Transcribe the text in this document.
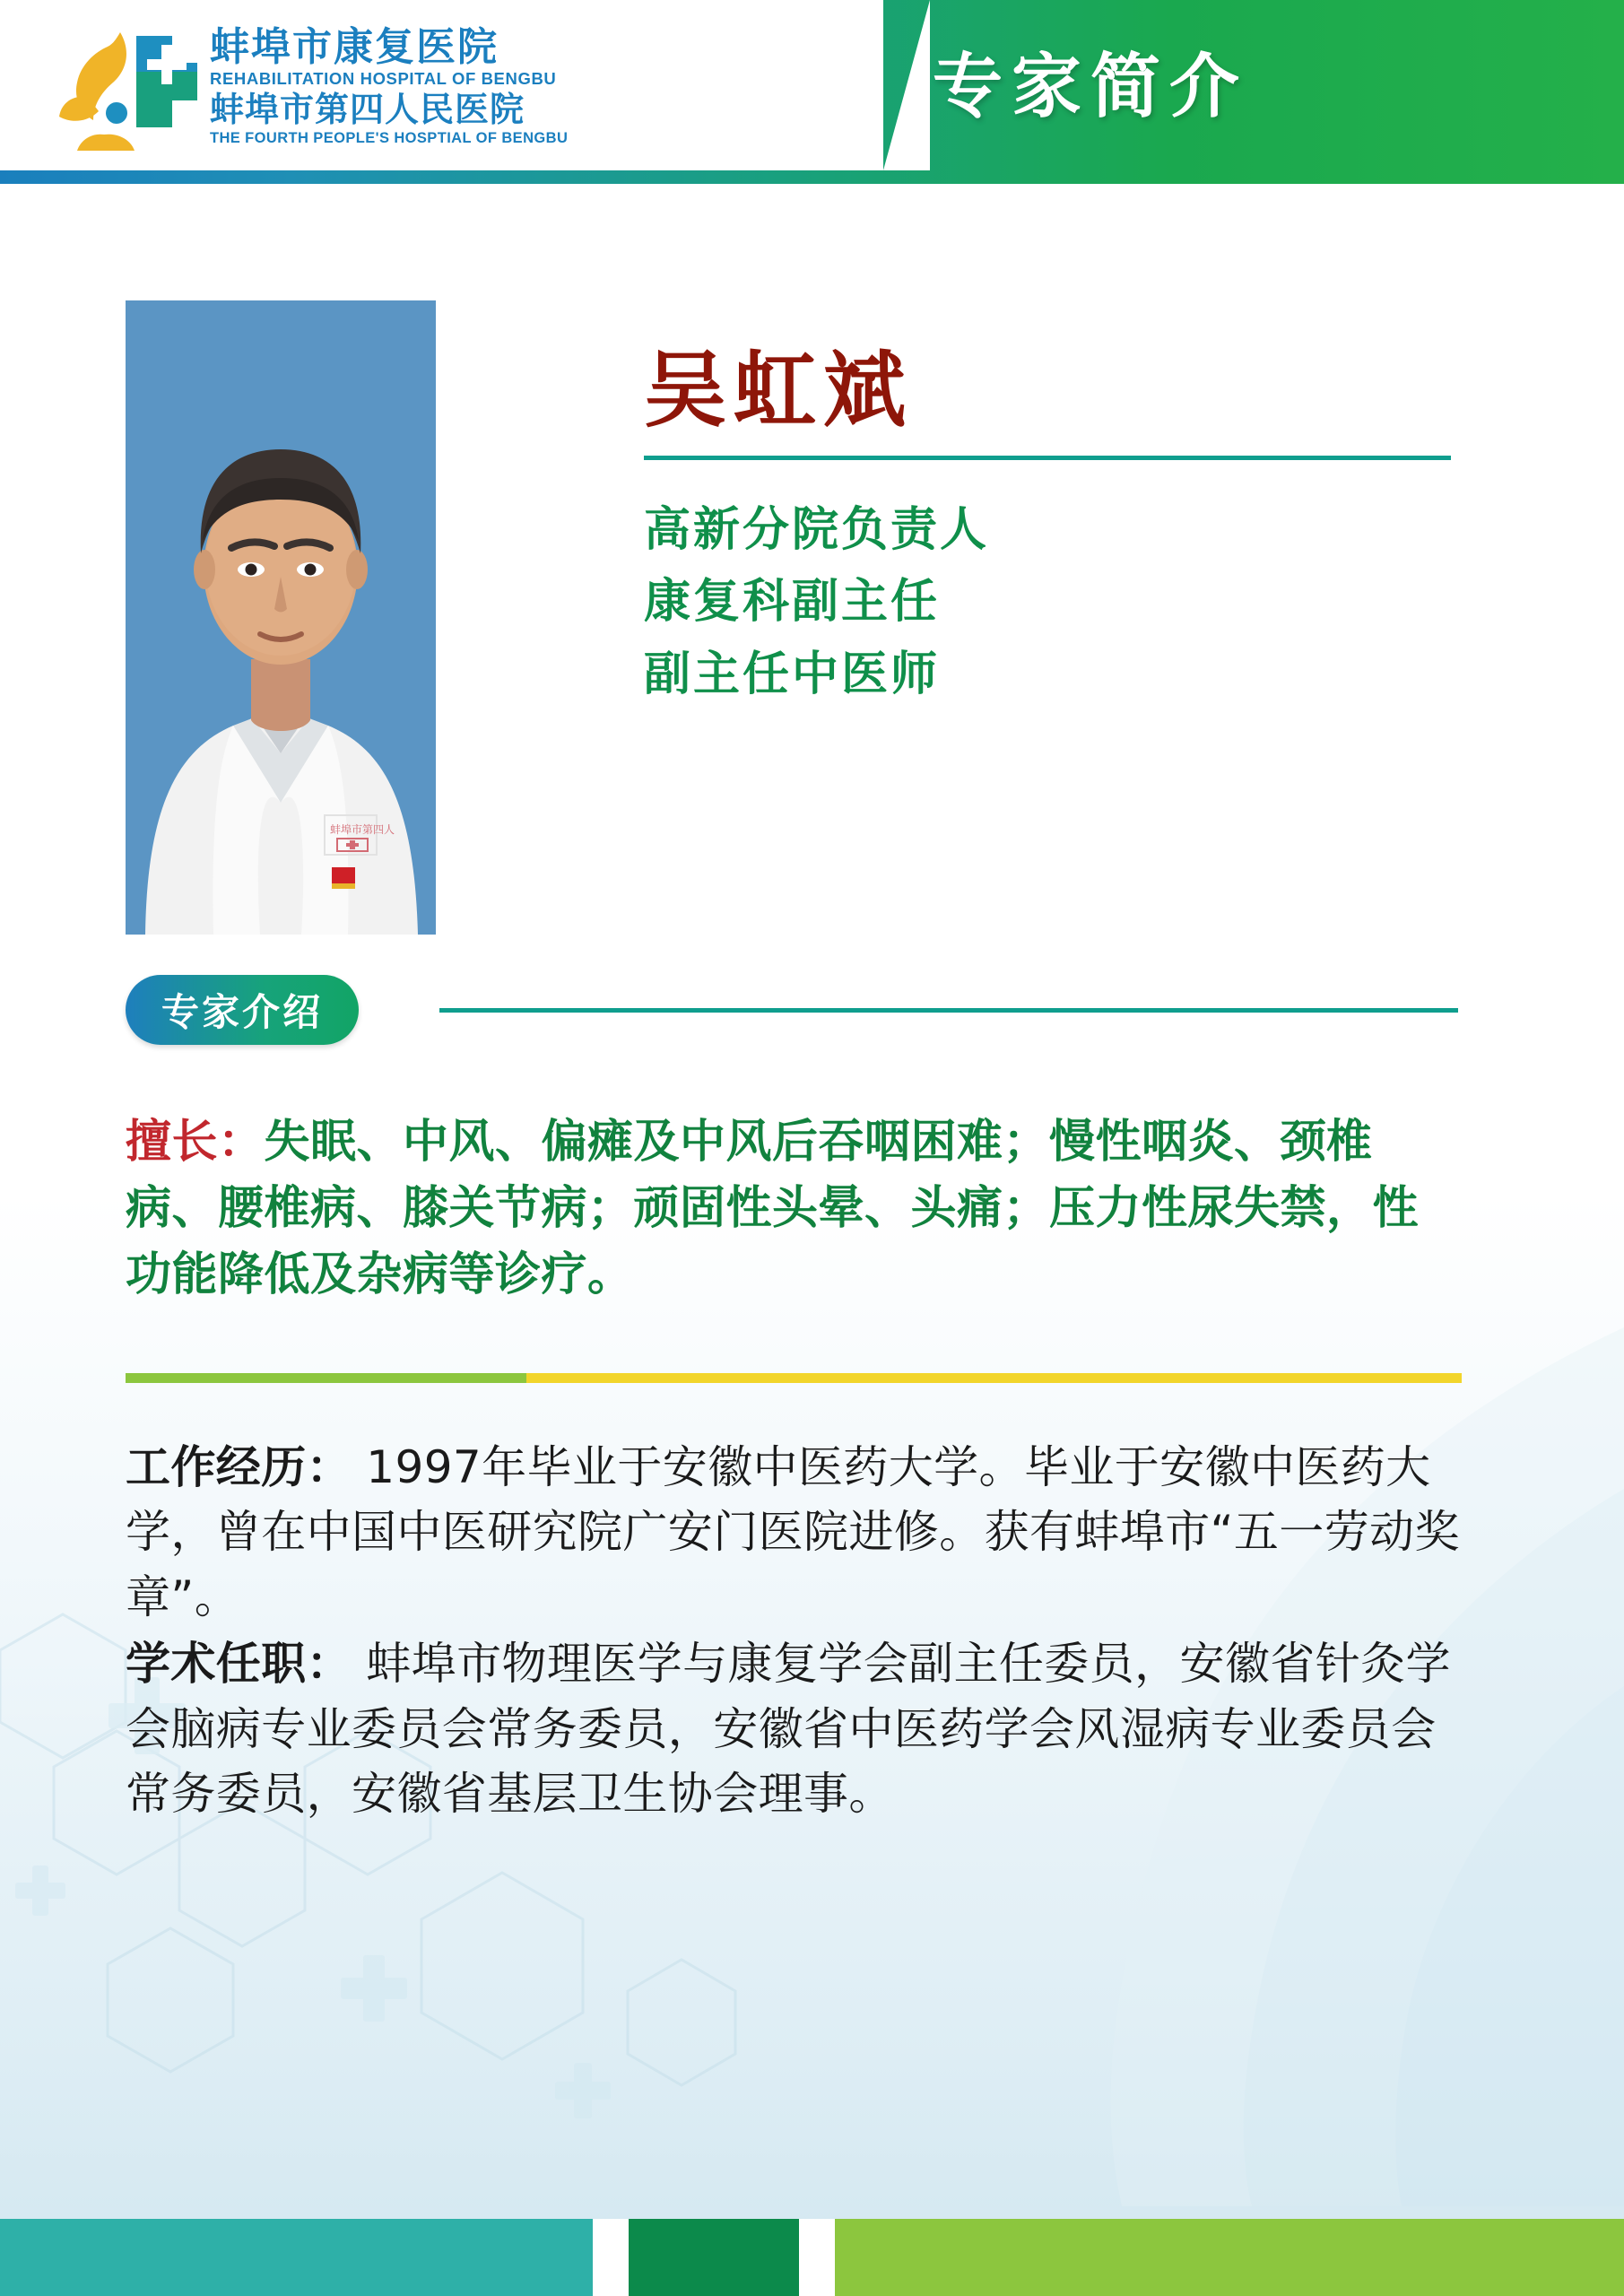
蚌埠市康复医院
REHABILITATION HOSPITAL OF BENGBU
蚌埠市第四人民医院
THE FOURTH PEOPLE'S HOSPTIAL OF BENGBU
专家简介
蚌埠市第四人
吴虹斌
高新分院负责人
康复科副主任
副主任中医师
专家介绍
擅长：失眠、中风、偏瘫及中风后吞咽困难；慢性咽炎、颈椎病、腰椎病、膝关节病；顽固性头晕、头痛；压力性尿失禁，性功能降低及杂病等诊疗。
工作经历： 1997年毕业于安徽中医药大学。毕业于安徽中医药大学，曾在中国中医研究院广安门医院进修。获有蚌埠市“五一劳动奖章”。
学术任职： 蚌埠市物理医学与康复学会副主任委员，安徽省针灸学会脑病专业委员会常务委员，安徽省中医药学会风湿病专业委员会常务委员，安徽省基层卫生协会理事。
